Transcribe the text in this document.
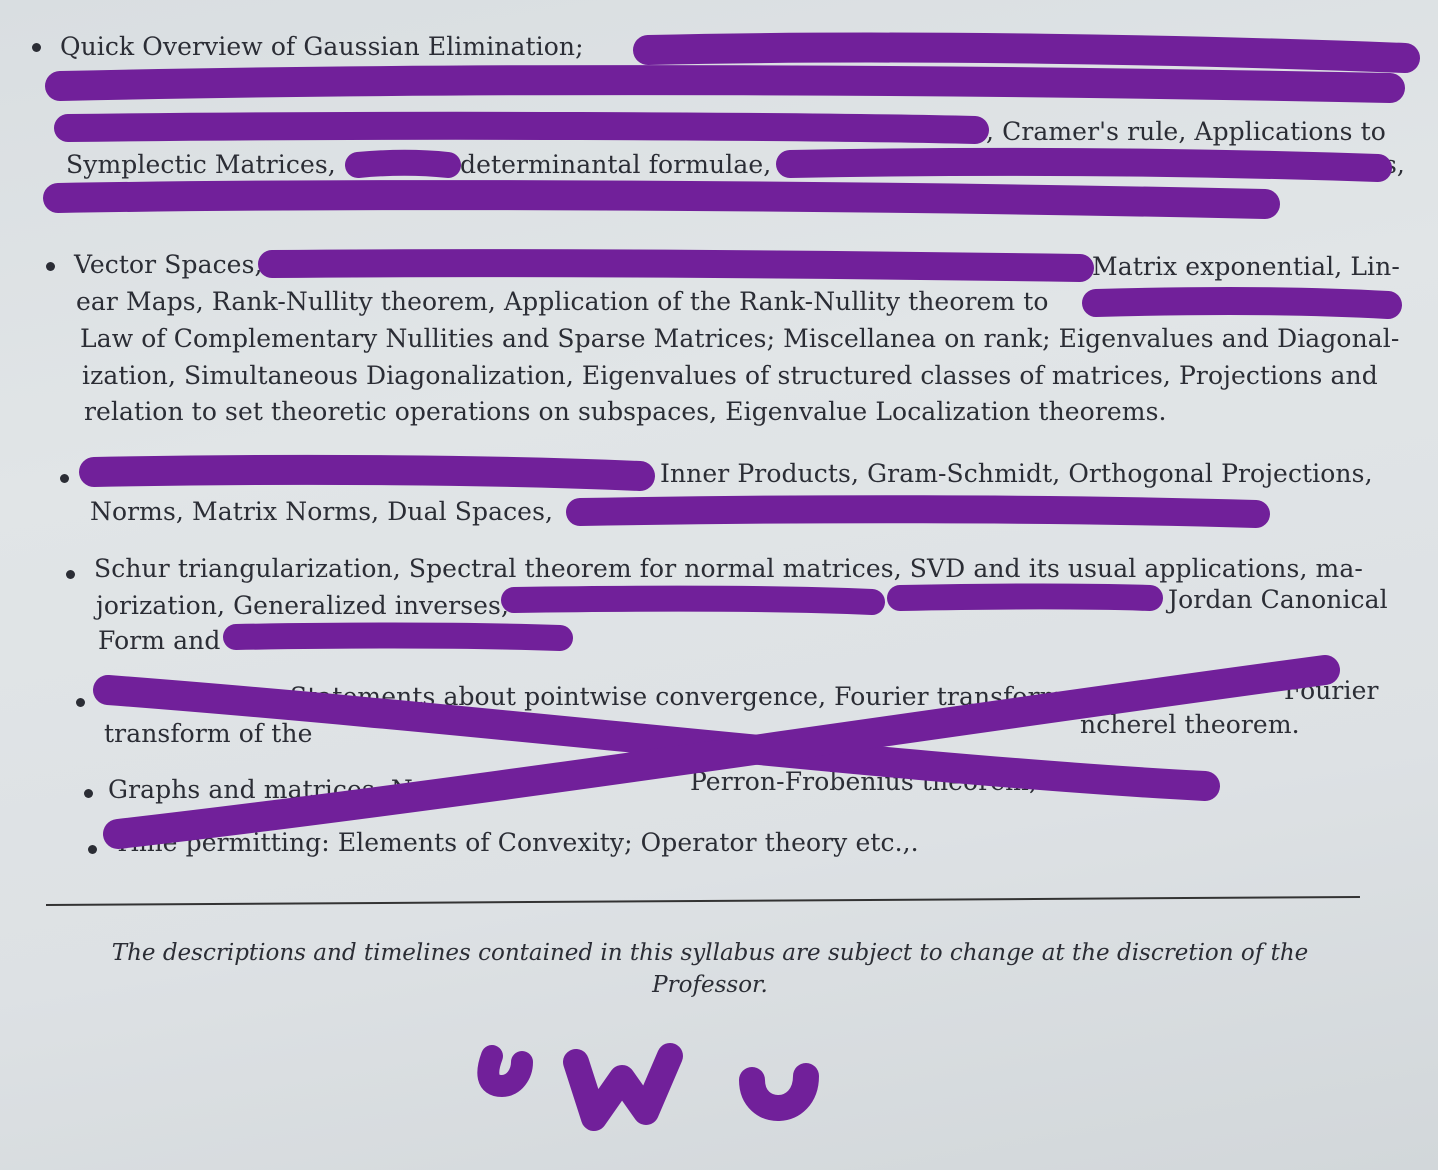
Quick Overview of Gaussian Elimination;
, Cramer's rule, Applications to
Symplectic Matrices,	determinantal formulae,	s,
Vector Spaces,	Matrix exponential, Lin-
ear Maps, Rank-Nullity theorem, Application of the Rank-Nullity theorem to
Law of Complementary Nullities and Sparse Matrices; Miscellanea on rank; Eigenvalues and Diagonal-
ization, Simultaneous Diagonalization, Eigenvalues of structured classes of matrices, Projections and
relation to set theoretic operations on subspaces, Eigenvalue Localization theorems.
Inner Products, Gram-Schmidt, Orthogonal Projections,
Norms, Matrix Norms, Dual Spaces,
Schur triangularization, Spectral theorem for normal matrices, SVD and its usual applications, ma-
jorization, Generalized inverses,	Jordan Canonical
Form and
Statements about pointwise convergence, Fourier transforms.
transform of the	ncherel theorem.
Fourier
Graphs and matrices. Non	Perron-Frobenius theorem,
Time permitting: Elements of Convexity; Operator theory etc.,.
The descriptions and timelines contained in this syllabus are subject to change at the discretion of the
Professor.
